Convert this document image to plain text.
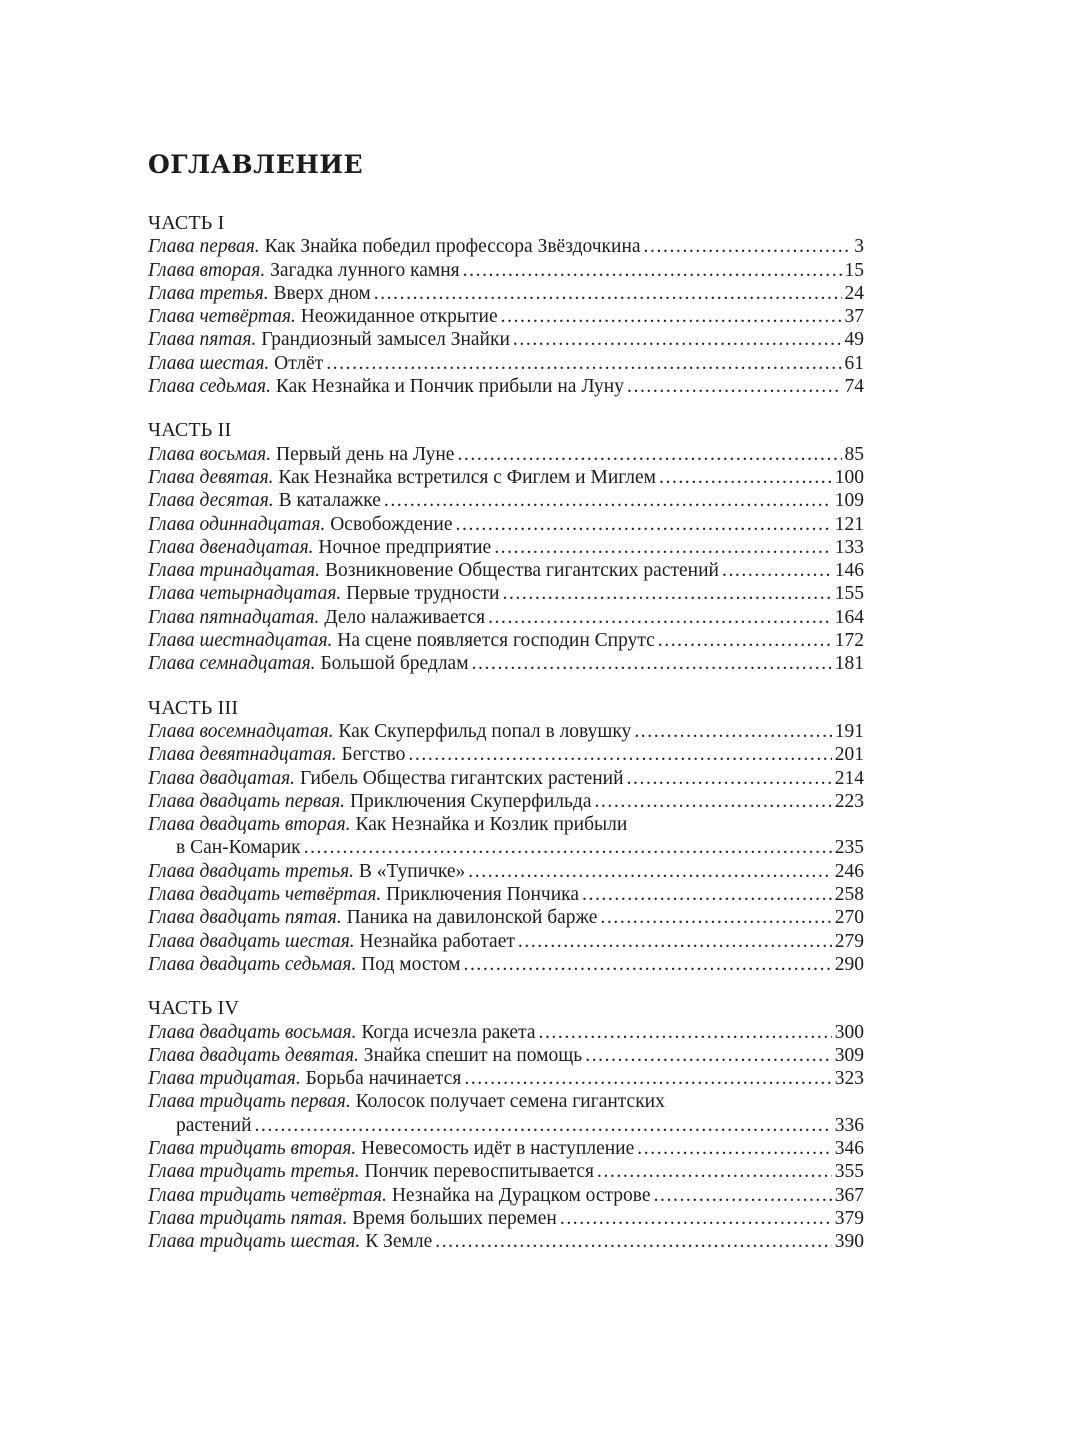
ОГЛАВЛЕНИЕ
ЧАСТЬ I
Глава первая. Как Знайка победил профессора Звёздочкина .....	3
Глава вторая. Загадка лунного камня .....	15
Глава третья. Вверх дном .....	24
Глава четвёртая. Неожиданное открытие .....	37
Глава пятая. Грандиозный замысел Знайки .....	49
Глава шестая. Отлёт .....	61
Глава седьмая. Как Незнайка и Пончик прибыли на Луну .....	74
ЧАСТЬ II
Глава восьмая. Первый день на Луне .....	85
Глава девятая. Как Незнайка встретился с Фиглем и Миглем .....	100
Глава десятая. В каталажке .....	109
Глава одиннадцатая. Освобождение .....	121
Глава двенадцатая. Ночное предприятие .....	133
Глава тринадцатая. Возникновение Общества гигантских растений .....	146
Глава четырнадцатая. Первые трудности .....	155
Глава пятнадцатая. Дело налаживается .....	164
Глава шестнадцатая. На сцене появляется господин Спрутс .....	172
Глава семнадцатая. Большой бредлам .....	181
ЧАСТЬ III
Глава восемнадцатая. Как Скуперфильд попал в ловушку .....	191
Глава девятнадцатая. Бегство .....	201
Глава двадцатая. Гибель Общества гигантских растений .....	214
Глава двадцать первая. Приключения Скуперфильда .....	223
Глава двадцать вторая. Как Незнайка и Козлик прибыли
в Сан-Комарик .....	235
Глава двадцать третья. В «Тупичке» .....	246
Глава двадцать четвёртая. Приключения Пончика .....	258
Глава двадцать пятая. Паника на давилонской барже .....	270
Глава двадцать шестая. Незнайка работает .....	279
Глава двадцать седьмая. Под мостом .....	290
ЧАСТЬ IV
Глава двадцать восьмая. Когда исчезла ракета .....	300
Глава двадцать девятая. Знайка спешит на помощь .....	309
Глава тридцатая. Борьба начинается .....	323
Глава тридцать первая. Колосок получает семена гигантских
растений .....	336
Глава тридцать вторая. Невесомость идёт в наступление .....	346
Глава тридцать третья. Пончик перевоспитывается .....	355
Глава тридцать четвёртая. Незнайка на Дурацком острове .....	367
Глава тридцать пятая. Время больших перемен .....	379
Глава тридцать шестая. К Земле .....	390
